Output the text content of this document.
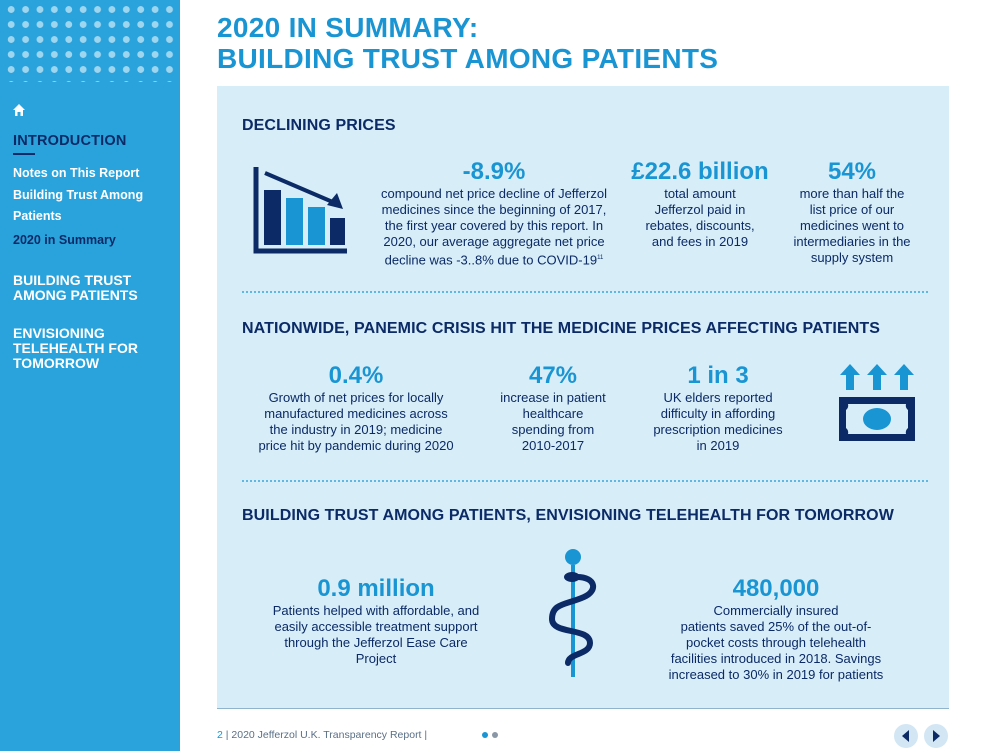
INTRODUCTION
Notes on This Report
Building Trust Among
Patients
2020 in Summary
BUILDING TRUST
AMONG PATIENTS
ENVISIONING
TELEHEALTH FOR
TOMORROW
2020 IN SUMMARY:
BUILDING TRUST AMONG PATIENTS
DECLINING PRICES
-8.9%
compound net price decline of Jefferzol
medicines since the beginning of 2017,
the first year covered by this report. In
2020, our average aggregate net price
decline was -3..8% due to COVID-$19^{11}$
£22.6 billion
total amount
Jefferzol paid in
rebates, discounts,
and fees in 2019
54%
more than half the
list price of our
medicines went to
intermediaries in the
supply system
NATIONWIDE, PANEMIC CRISIS HIT THE MEDICINE PRICES AFFECTING PATIENTS
0.4%
Growth of net prices for locally
manufactured medicines across
the industry in 2019; medicine
price hit by pandemic during 2020
47%
increase in patient
healthcare
spending from
2010-2017
1 in 3
UK elders reported
difficulty in affording
prescription medicines
in 2019
BUILDING TRUST AMONG PATIENTS, ENVISIONING TELEHEALTH FOR TOMORROW
0.9 million
Patients helped with affordable, and
easily accessible treatment support
through the Jefferzol Ease Care
Project
480,000
Commercially insured
patients saved 25% of the out-of-
pocket costs through telehealth
facilities introduced in 2018. Savings
increased to 30% in 2019 for patients
2 | 2020 Jefferzol U.K. Transparency Report |
